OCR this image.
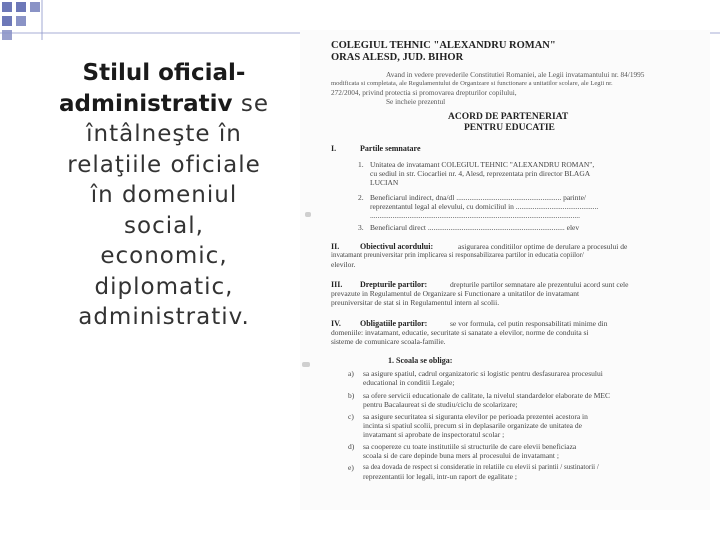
Stilul oficial-
administrativ se
întâlneşte în
relaţiile oficiale
în domeniul
social,
economic,
diplomatic,
administrativ.
COLEGIUL TEHNIC "ALEXANDRU ROMAN"
ORAS ALESD, JUD. BIHOR
Avand in vedere prevederile Constitutiei Romaniei, ale Legii invatamantului nr. 84/1995
modificata si completata, ale Regulamentului de Organizare si functionare a unitatilor scolare, ale Legii nr.
272/2004, privind protectia si promovarea drepturilor copilului,
Se incheie prezentul
ACORD DE PARTENERIAT
PENTRU EDUCATIE
I.	Partile semnatare
1. Unitatea de invatamant COLEGIUL TEHNIC "ALEXANDRU ROMAN",
cu sediul in str. Ciocarliei nr. 4, Alesd, reprezentata prin director BLAGA
LUCIAN
2. Beneficiarul indirect, dna/dl ........................................................ parinte/
reprezentantul legal al elevului, cu domiciliul in ............................................
................................................................................................................
3. Beneficiarul direct ......................................................................... elev
II.	Obiectivul acordului:	asigurarea conditiilor optime de derulare a procesului de
invatamant preuniversitar prin implicarea si responsabilizarea partilor in educatia copiilor/
elevilor.
III. Drepturile partilor:	drepturile partilor semnatare ale prezentului acord sunt cele
prevazute in Regulamentul de Organizare si Functionare a unitatilor de invatamant
preuniversitar de stat si in Regulamentul intern al scolii.
IV. Obligatiile partilor:	se vor formula, cel putin responsabilitati minime din
domeniile: invatamant, educatie, securitate si sanatate a elevilor, norme de conduita si
sisteme de comunicare scoala-familie.
1. Scoala se obliga:
a) sa asigure spatiul, cadrul organizatoric si logistic pentru desfasurarea procesului
educational in conditii Legale;
b) sa ofere servicii educationale de calitate, la nivelul standardelor elaborate de MEC
pentru Bacalaureat si de studiu/ciclu de scolarizare;
c) sa asigure securitatea si siguranta elevilor pe perioada prezentei acestora in
incinta si spatiul scolii, precum si in deplasarile organizate de unitatea de
invatamant si aprobate de inspectoratul scolar ;
d) sa coopereze cu toate institutiile si structurile de care elevii beneficiaza
scoala si de care depinde buna mers al procesului de invatamant ;
e) sa dea dovada de respect si consideratie in relatiile cu elevii si parintii / sustinatorii /
reprezentantii lor legali, intr-un raport de egalitate ;
